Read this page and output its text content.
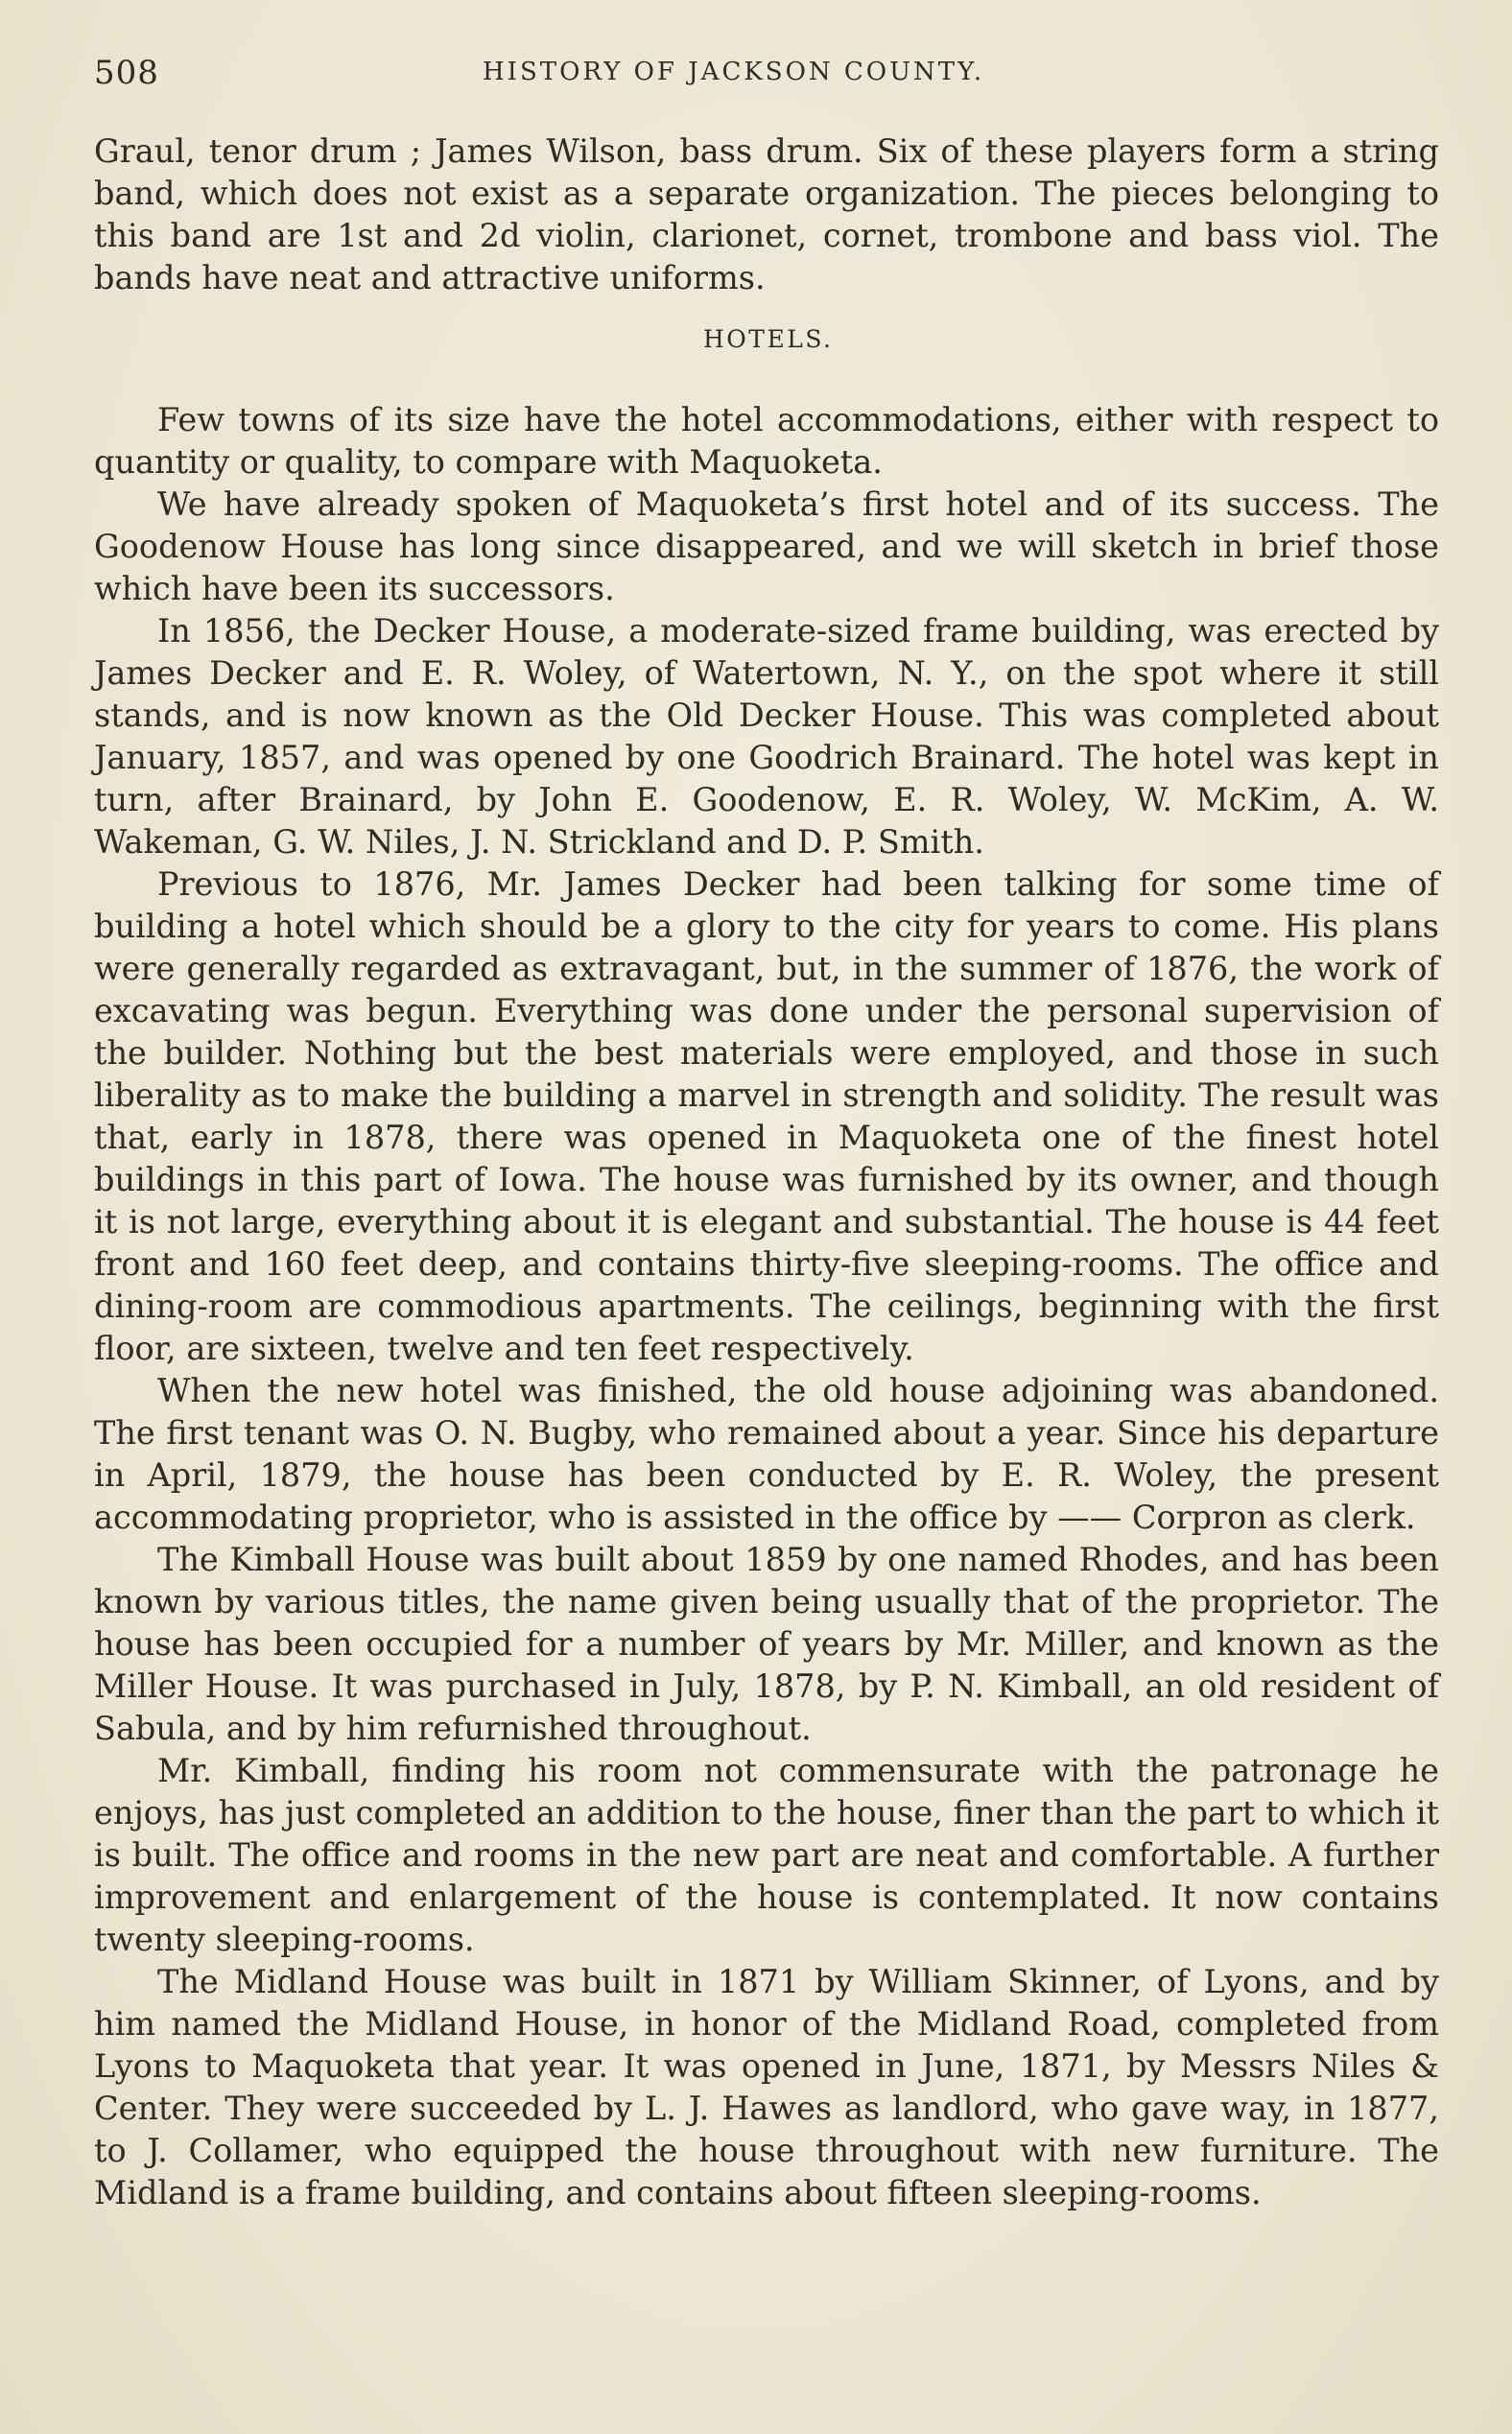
508	HISTORY OF JACKSON COUNTY.

Graul, tenor drum ; James Wilson, bass drum. Six of these players form a string band, which does not exist as a separate organization. The pieces belonging to this band are 1st and 2d violin, clarionet, cornet, trombone and bass viol. The bands have neat and attractive uniforms.

HOTELS.

Few towns of its size have the hotel accommodations, either with respect to quantity or quality, to compare with Maquoketa.

We have already spoken of Maquoketa’s first hotel and of its success. The Goodenow House has long since disappeared, and we will sketch in brief those which have been its successors.

In 1856, the Decker House, a moderate-sized frame building, was erected by James Decker and E. R. Woley, of Watertown, N. Y., on the spot where it still stands, and is now known as the Old Decker House. This was completed about January, 1857, and was opened by one Goodrich Brainard. The hotel was kept in turn, after Brainard, by John E. Goodenow, E. R. Woley, W. McKim, A. W. Wakeman, G. W. Niles, J. N. Strickland and D. P. Smith.

Previous to 1876, Mr. James Decker had been talking for some time of building a hotel which should be a glory to the city for years to come. His plans were generally regarded as extravagant, but, in the summer of 1876, the work of excavating was begun. Everything was done under the personal supervision of the builder. Nothing but the best materials were employed, and those in such liberality as to make the building a marvel in strength and solidity. The result was that, early in 1878, there was opened in Maquoketa one of the finest hotel buildings in this part of Iowa. The house was furnished by its owner, and though it is not large, everything about it is elegant and substantial. The house is 44 feet front and 160 feet deep, and contains thirty-five sleeping-rooms. The office and dining-room are commodious apartments. The ceilings, beginning with the first floor, are sixteen, twelve and ten feet respectively.

When the new hotel was finished, the old house adjoining was abandoned. The first tenant was O. N. Bugby, who remained about a year. Since his departure in April, 1879, the house has been conducted by E. R. Woley, the present accommodating proprietor, who is assisted in the office by —— Corpron as clerk.

The Kimball House was built about 1859 by one named Rhodes, and has been known by various titles, the name given being usually that of the proprietor. The house has been occupied for a number of years by Mr. Miller, and known as the Miller House. It was purchased in July, 1878, by P. N. Kimball, an old resident of Sabula, and by him refurnished throughout.

Mr. Kimball, finding his room not commensurate with the patronage he enjoys, has just completed an addition to the house, finer than the part to which it is built. The office and rooms in the new part are neat and comfortable. A further improvement and enlargement of the house is contemplated. It now contains twenty sleeping-rooms.

The Midland House was built in 1871 by William Skinner, of Lyons, and by him named the Midland House, in honor of the Midland Road, completed from Lyons to Maquoketa that year. It was opened in June, 1871, by Messrs Niles & Center. They were succeeded by L. J. Hawes as landlord, who gave way, in 1877, to J. Collamer, who equipped the house throughout with new furniture. The Midland is a frame building, and contains about fifteen sleeping-rooms.
